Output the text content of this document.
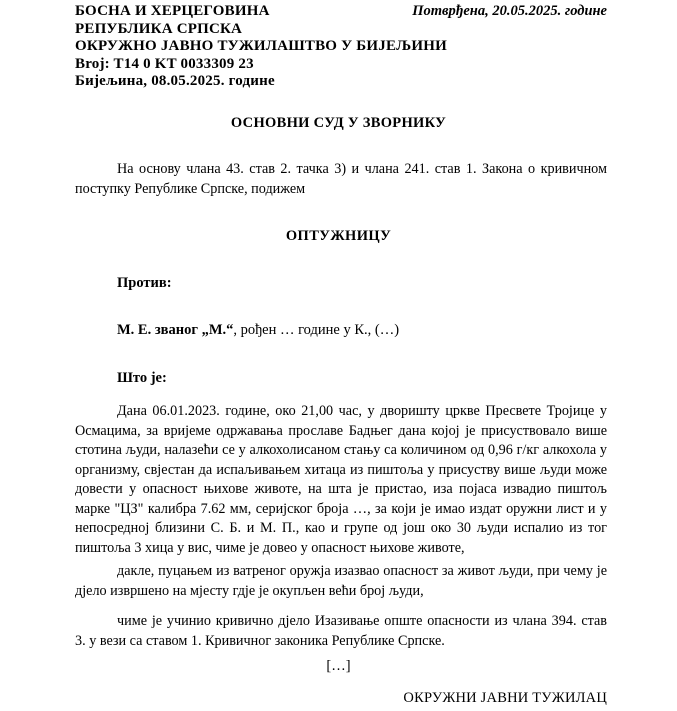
БОСНА И ХЕРЦЕГОВИНА
РЕПУБЛИКА СРПСКА
ОКРУЖНО ЈАВНО ТУЖИЛАШТВО У БИЈЕЉИНИ
Broj: T14 0 KT 0033309 23
Бијељина, 08.05.2025. године
Потврђена, 20.05.2025. године
ОСНОВНИ СУД У ЗВОРНИКУ
На основу члана 43. став 2. тачка 3) и члана 241. став 1. Закона о кривичном поступку Републике Српске, подижем
ОПТУЖНИЦУ
Против:
М. Е. званог „М.“, рођен … године у К., (…)
Што је:
Дана 06.01.2023. године, око 21,00 час, у дворишту цркве Пресвете Тројице у Осмацима, за вријеме одржавања прославе Бадњег дана којој је присуствовало више стотина људи, налазећи се у алкохолисаном стању са количином од 0,96 г/кг алкохола у организму, свјестан да испаљивањем хитаца из пиштоља у присуству више људи може довести у опасност њихове животе, на шта је пристао, иза појаса извадио пиштољ марке "ЦЗ" калибра 7.62 мм, серијског броја …, за који је имао издат оружни лист и у непосредној близини С. Б. и М. П., као и групе од још око 30 људи испалио из тог пиштоља 3 хица у вис, чиме је довео у опасност њихове животе,
дакле, пуцањем из ватреног оружја изазвао опасност за живот људи, при чему је дјело извршено на мјесту гдје је окупљен већи број људи,
чиме је учинио кривично дјело Изазивање опште опасности из члана 394. став 3. у вези са ставом 1. Кривичног законика Републике Српске.
[…]
ОКРУЖНИ ЈАВНИ ТУЖИЛАЦ
